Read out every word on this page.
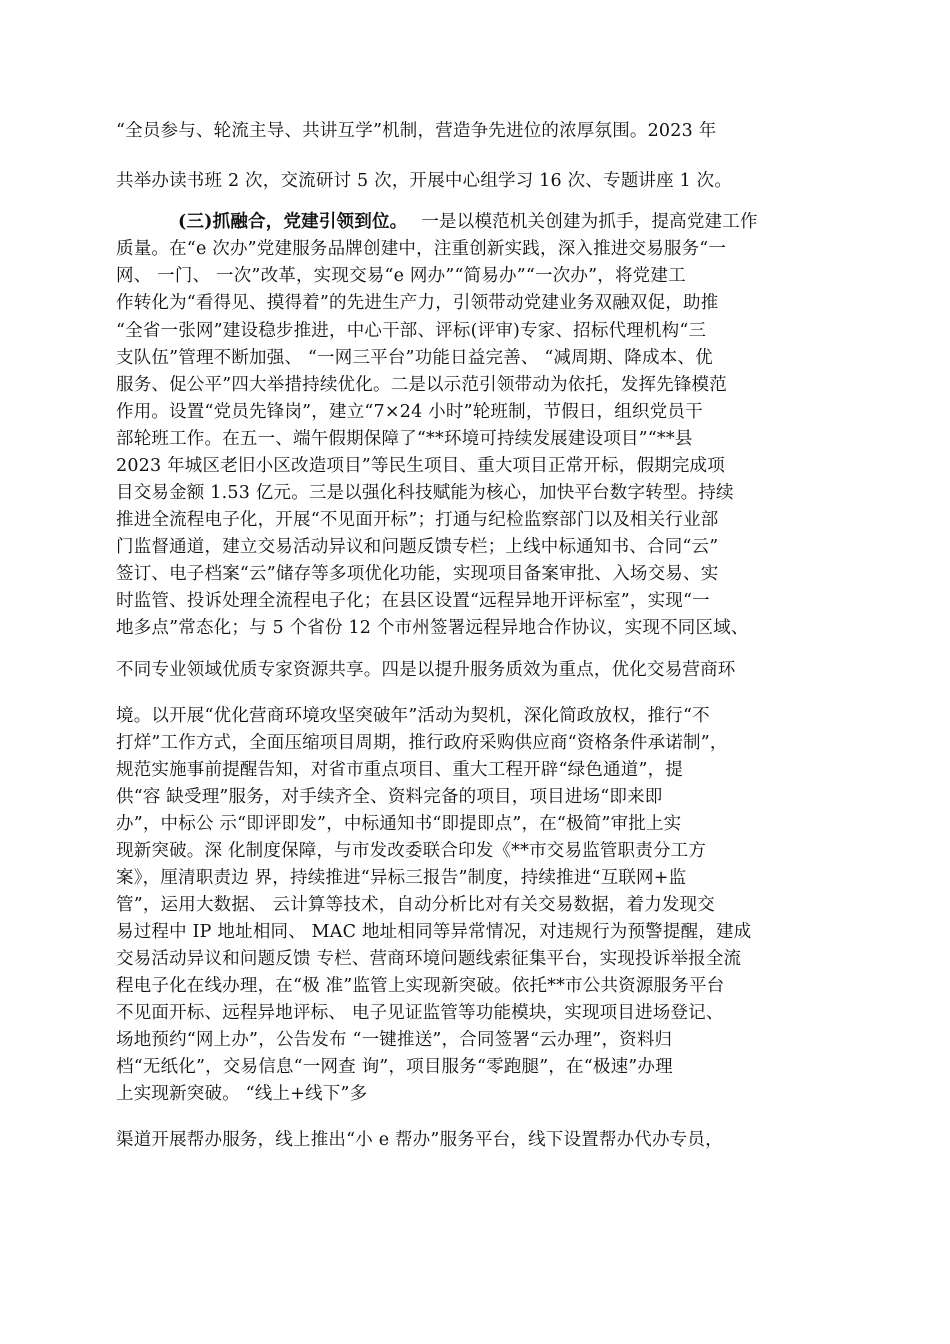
“全员参与、轮流主导、共讲互学”机制，营造争先进位的浓厚氛围。2023 年
共举办读书班 2 次，交流研讨 5 次，开展中心组学习 16 次、专题讲座 1 次。
(三)抓融合，党建引领到位。 一是以模范机关创建为抓手，提高党建工作
质量。在“e 次办”党建服务品牌创建中，注重创新实践，深入推进交易服务“一
网、 一门、 一次”改革，实现交易“e 网办”“简易办”“一次办”，将党建工
作转化为“看得见、摸得着”的先进生产力，引领带动党建业务双融双促，助推
“全省一张网”建设稳步推进，中心干部、评标(评审)专家、招标代理机构“三
支队伍”管理不断加强、 “一网三平台”功能日益完善、 “减周期、降成本、优
服务、促公平”四大举措持续优化。二是以示范引领带动为依托，发挥先锋模范
作用。设置“党员先锋岗”，建立“7×24 小时”轮班制，节假日，组织党员干
部轮班工作。在五一、端午假期保障了“**环境可持续发展建设项目”“**县
2023 年城区老旧小区改造项目”等民生项目、重大项目正常开标，假期完成项
目交易金额 1.53 亿元。三是以强化科技赋能为核心，加快平台数字转型。持续
推进全流程电子化，开展“不见面开标”；打通与纪检监察部门以及相关行业部
门监督通道，建立交易活动异议和问题反馈专栏；上线中标通知书、合同“云”
签订、电子档案“云”储存等多项优化功能，实现项目备案审批、入场交易、实
时监管、投诉处理全流程电子化；在县区设置“远程异地开评标室”，实现“一
地多点”常态化；与 5 个省份 12 个市州签署远程异地合作协议，实现不同区域、
不同专业领域优质专家资源共享。四是以提升服务质效为重点，优化交易营商环
境。以开展“优化营商环境攻坚突破年”活动为契机，深化简政放权，推行“不
打烊”工作方式，全面压缩项目周期，推行政府采购供应商“资格条件承诺制”，
规范实施事前提醒告知，对省市重点项目、重大工程开辟“绿色通道”，提
供“容 缺受理”服务，对手续齐全、资料完备的项目，项目进场“即来即
办”，中标公 示“即评即发”，中标通知书“即提即点”，在“极简”审批上实
现新突破。深 化制度保障，与市发改委联合印发《**市交易监管职责分工方
案》，厘清职责边 界，持续推进“异标三报告”制度，持续推进“互联网+监
管”，运用大数据、 云计算等技术，自动分析比对有关交易数据，着力发现交
易过程中 IP 地址相同、 MAC 地址相同等异常情况，对违规行为预警提醒，建成
交易活动异议和问题反馈 专栏、营商环境问题线索征集平台，实现投诉举报全流
程电子化在线办理，在“极 准”监管上实现新突破。依托**市公共资源服务平台
不见面开标、远程异地评标、 电子见证监管等功能模块，实现项目进场登记、
场地预约“网上办”，公告发布 “一键推送”，合同签署“云办理”，资料归
档“无纸化”，交易信息“一网查 询”，项目服务“零跑腿”，在“极速”办理
上实现新突破。 “线上+线下”多
渠道开展帮办服务，线上推出“小 e 帮办”服务平台，线下设置帮办代办专员，
